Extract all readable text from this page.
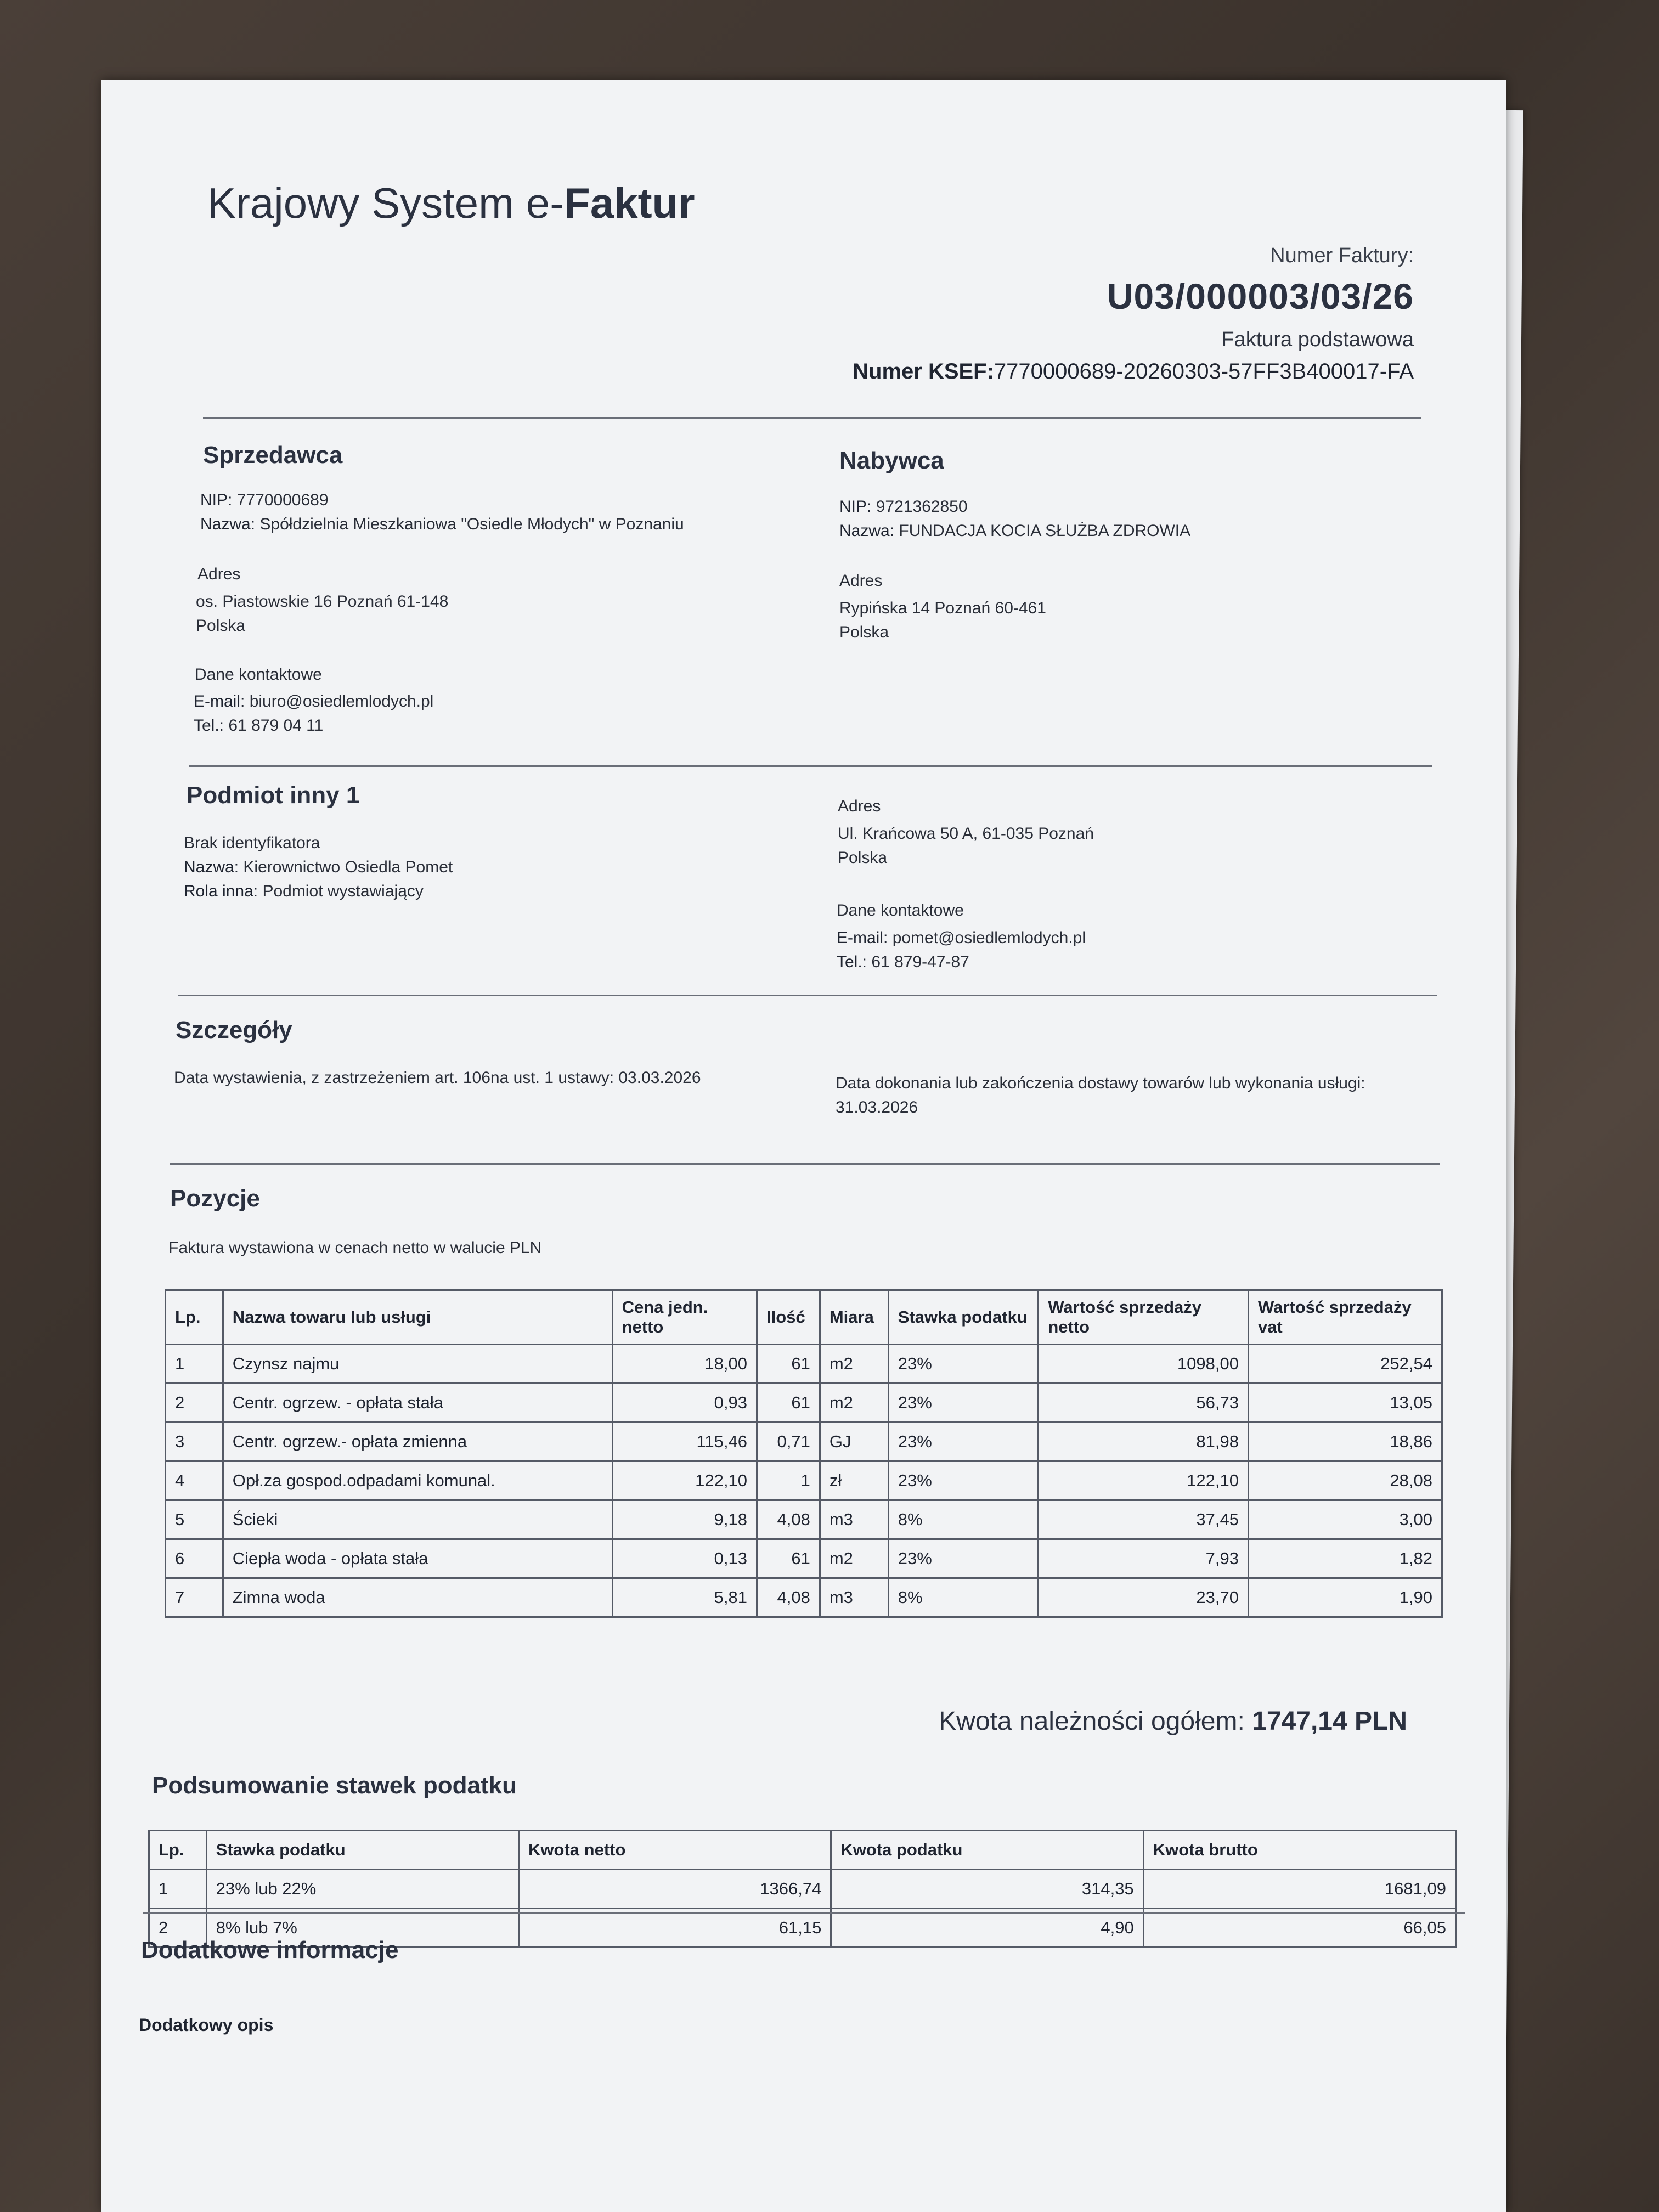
Krajowy System e-Faktur
Numer Faktury:
U03/000003/03/26
Faktura podstawowa
Numer KSEF:7770000689-20260303-57FF3B400017-FA
Sprzedawca
NIP: 7770000689
Nazwa: Spółdzielnia Mieszkaniowa "Osiedle Młodych" w Poznaniu
Adres
os. Piastowskie 16 Poznań 61-148
Polska
Dane kontaktowe
E-mail: biuro@osiedlemlodych.pl
Tel.: 61 879 04 11
Nabywca
NIP: 9721362850
Nazwa: FUNDACJA KOCIA SŁUŻBA ZDROWIA
Adres
Rypińska 14 Poznań 60-461
Polska
Podmiot inny 1
Brak identyfikatora
Nazwa: Kierownictwo Osiedla Pomet
Rola inna: Podmiot wystawiający
Adres
Ul. Krańcowa 50 A, 61-035 Poznań
Polska
Dane kontaktowe
E-mail: pomet@osiedlemlodych.pl
Tel.: 61 879-47-87
Szczegóły
Data wystawienia, z zastrzeżeniem art. 106na ust. 1 ustawy: 03.03.2026	Data dokonania lub zakończenia dostawy towarów lub wykonania usługi:
31.03.2026
Pozycje
Faktura wystawiona w cenach netto w walucie PLN
Lp.	Nazwa towaru lub usługi	Cena jedn. netto	Ilość	Miara	Stawka podatku	Wartość sprzedaży netto	Wartość sprzedaży vat
1	Czynsz najmu	18,00	61	m2	23%	1098,00	252,54
2	Centr. ogrzew. - opłata stała	0,93	61	m2	23%	56,73	13,05
3	Centr. ogrzew.- opłata zmienna	115,46	0,71	GJ	23%	81,98	18,86
4	Opł.za gospod.odpadami komunal.	122,10	1	zł	23%	122,10	28,08
5	Ścieki	9,18	4,08	m3	8%	37,45	3,00
6	Ciepła woda - opłata stała	0,13	61	m2	23%	7,93	1,82
7	Zimna woda	5,81	4,08	m3	8%	23,70	1,90
Kwota należności ogółem: 1747,14 PLN
Podsumowanie stawek podatku
Lp.	Stawka podatku	Kwota netto	Kwota podatku	Kwota brutto
1	23% lub 22%	1366,74	314,35	1681,09
2	8% lub 7%	61,15	4,90	66,05
Dodatkowe informacje
Dodatkowy opis
